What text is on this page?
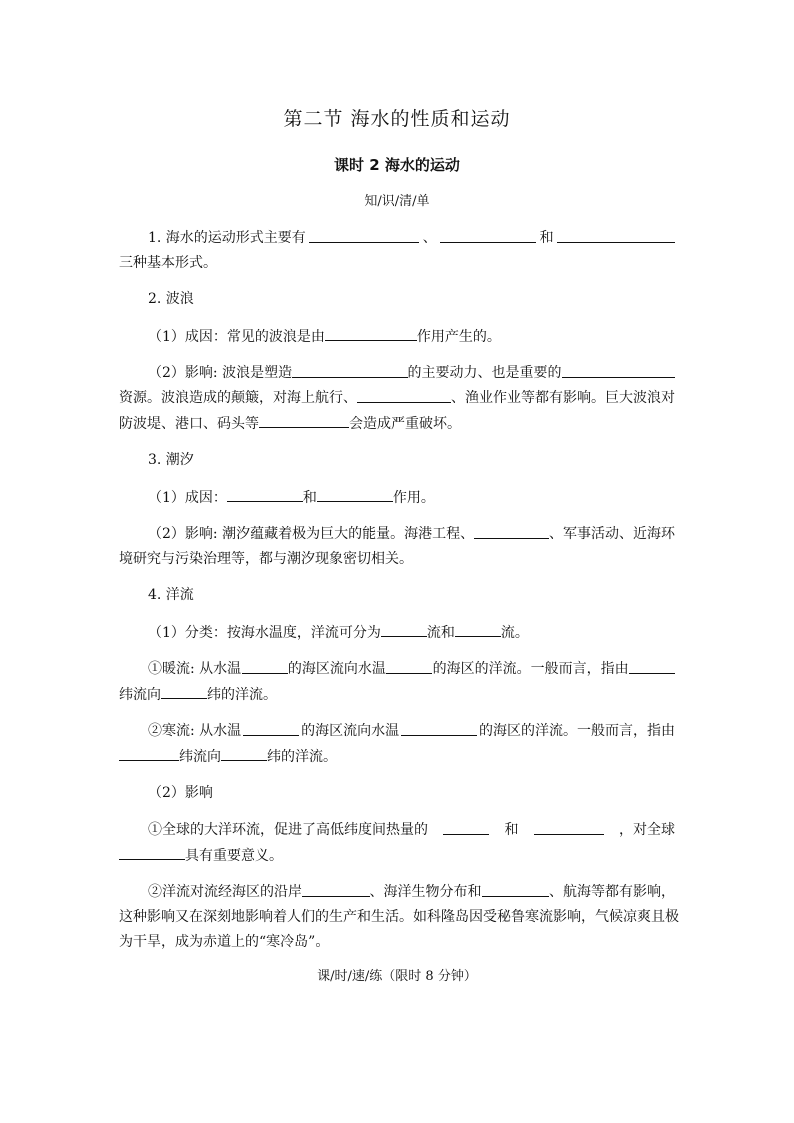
第二节 海水的性质和运动
课时 2 海水的运动
知/识/清/单
1. 海水的运动形式主要有	、	和
三种基本形式。
2. 波浪
（1）成因：常见的波浪是由	作用产生的。
（2）影响: 波浪是塑造	的主要动力、也是重要的
资源。波浪造成的颠簸，对海上航行、	、渔业作业等都有影响。巨大波浪对
防波堤、港口、码头等	会造成严重破坏。
3. 潮汐
（1）成因：	和	作用。
（2）影响: 潮汐蕴藏着极为巨大的能量。海港工程、	、军事活动、近海环
境研究与污染治理等，都与潮汐现象密切相关。
4. 洋流
（1）分类：按海水温度，洋流可分为	流和	流。
①暖流: 从水温	的海区流向水温	的海区的洋流。一般而言，指由
纬流向	纬的洋流。
②寒流: 从水温	的海区流向水温	的海区的洋流。一般而言，指由
纬流向	纬的洋流。
（2）影响
①全球的大洋环流，促进了高低纬度间热量的	和	，对全球
具有重要意义。
②洋流对流经海区的沿岸	、海洋生物分布和	、航海等都有影响，
这种影响又在深刻地影响着人们的生产和生活。如科隆岛因受秘鲁寒流影响，气候凉爽且极
为干旱，成为赤道上的“寒冷岛”。
课/时/速/练（限时 8 分钟）
